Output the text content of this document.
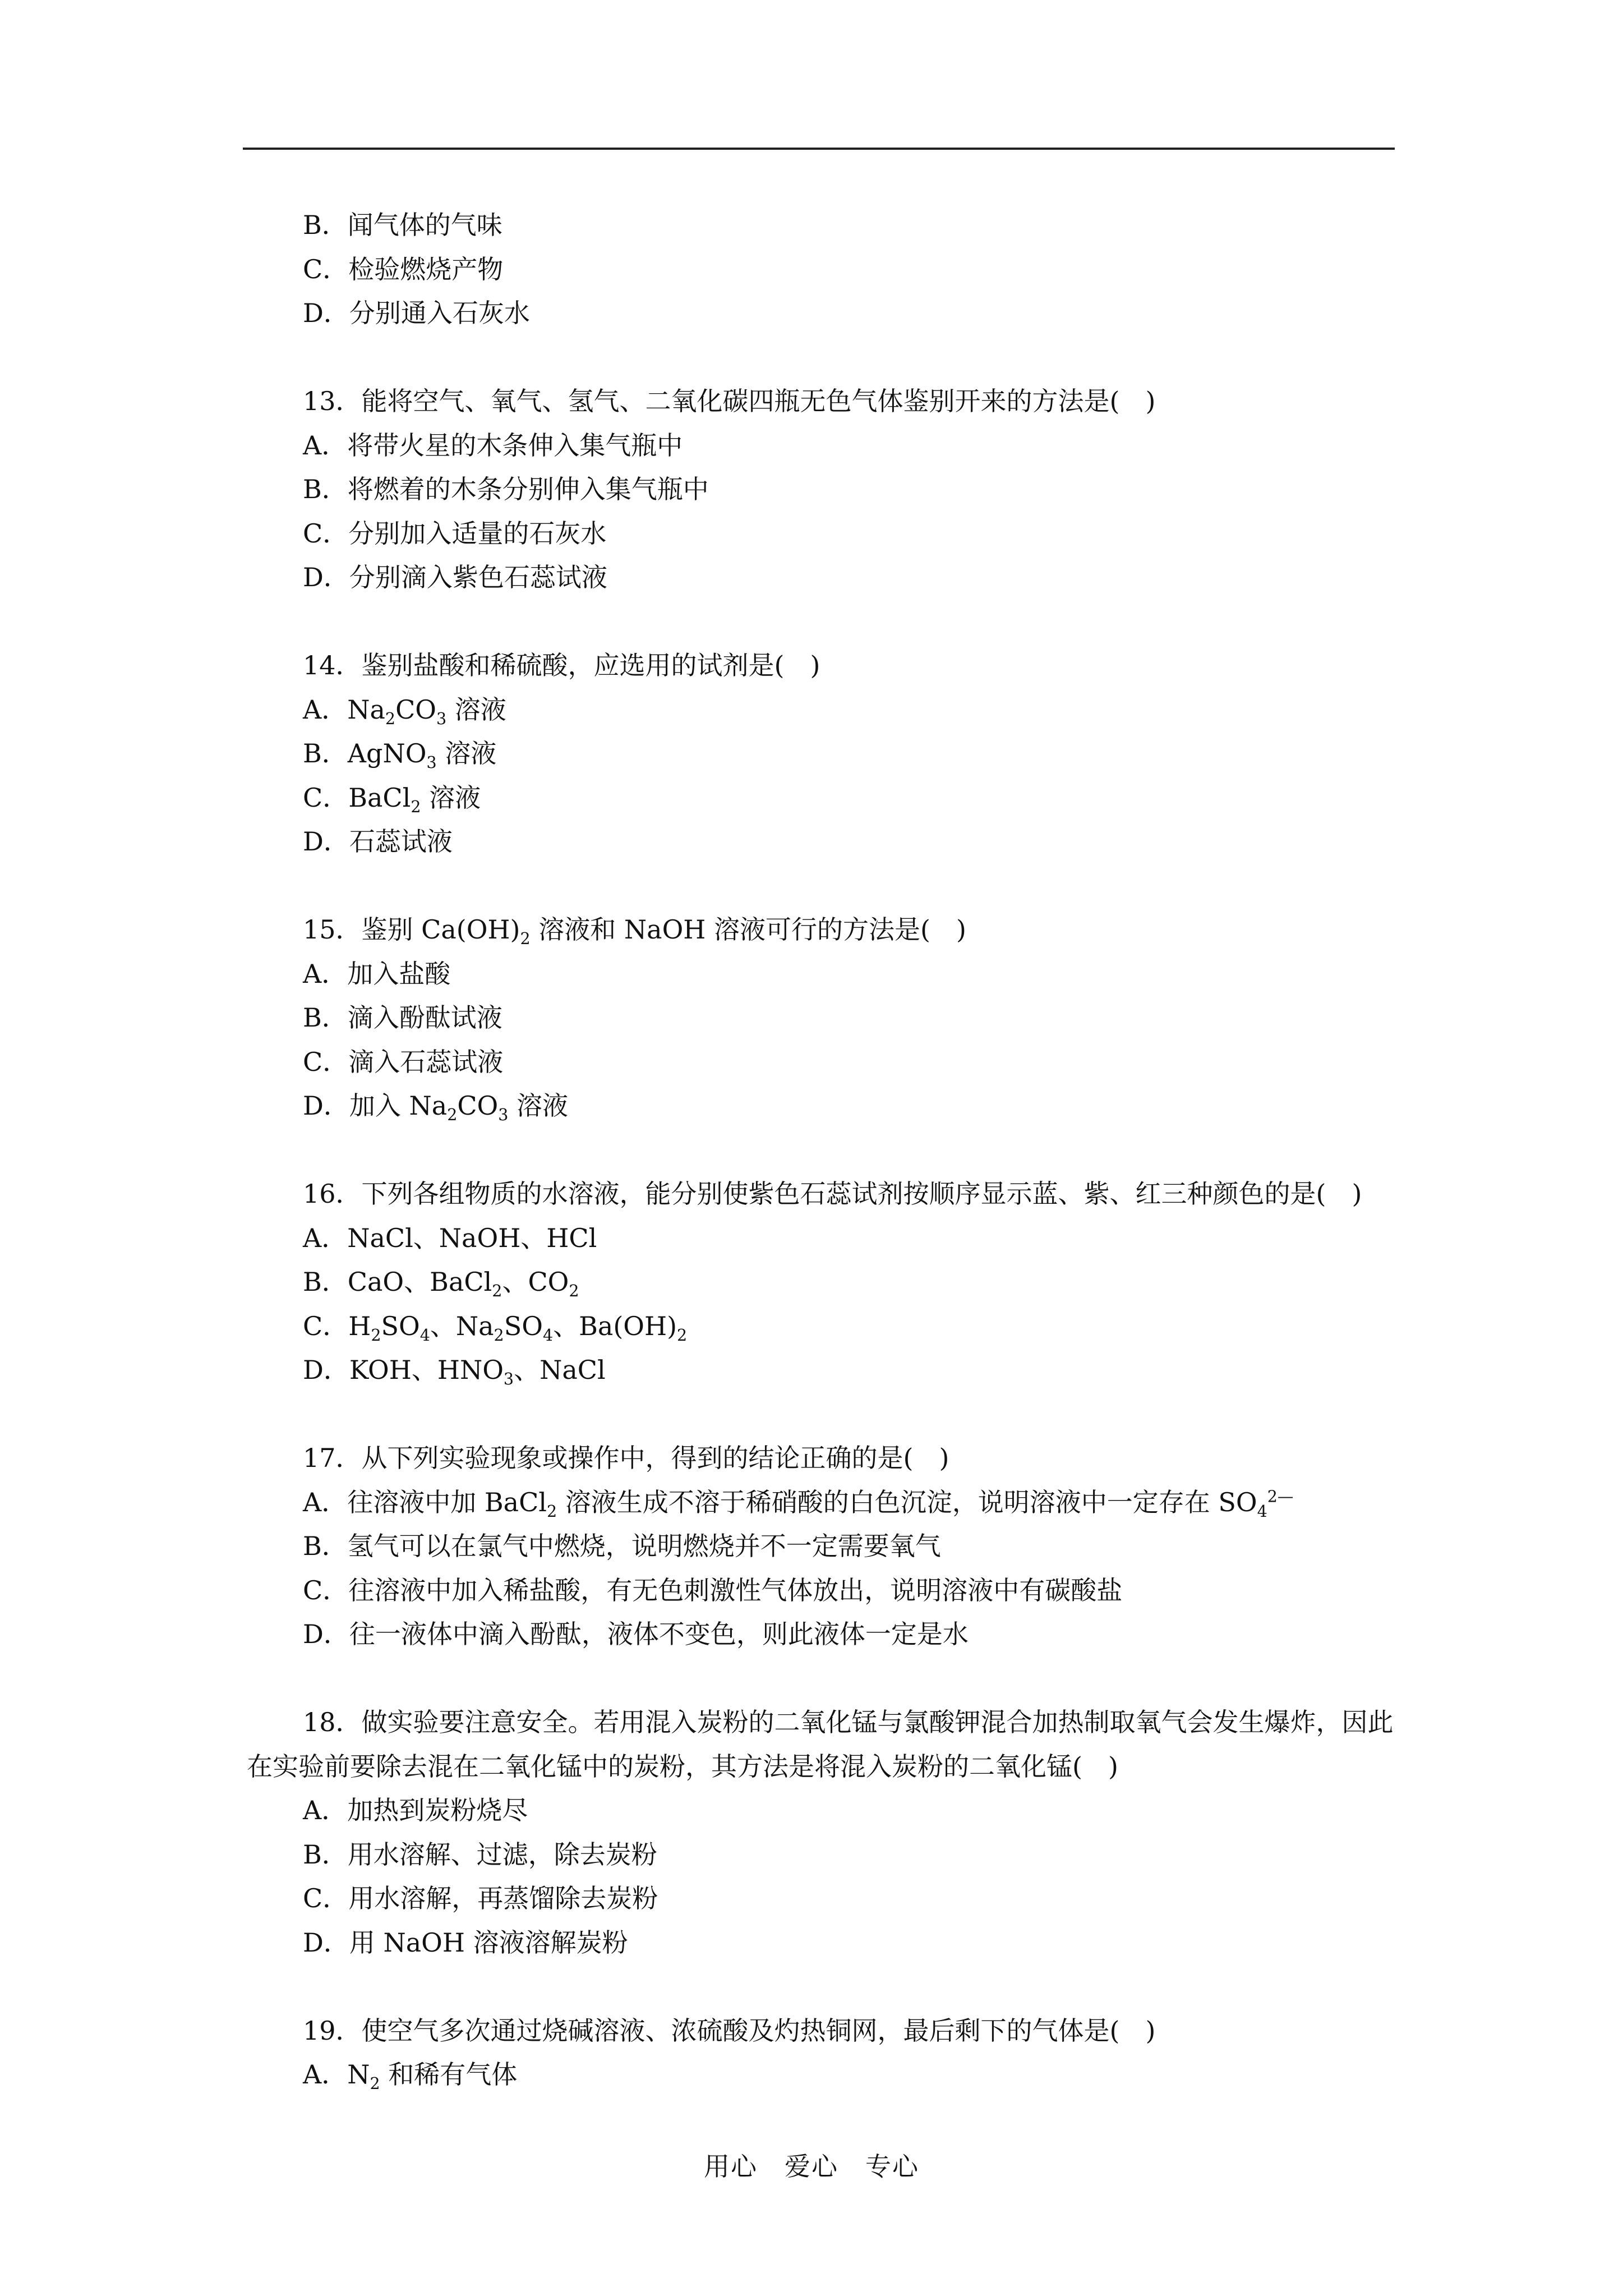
B．闻气体的气味
C．检验燃烧产物
D．分别通入石灰水
13．能将空气、氧气、氢气、二氧化碳四瓶无色气体鉴别开来的方法是(　)
A．将带火星的木条伸入集气瓶中
B．将燃着的木条分别伸入集气瓶中
C．分别加入适量的石灰水
D．分别滴入紫色石蕊试液
14．鉴别盐酸和稀硫酸，应选用的试剂是(　)
A．$Na_2CO_3$ 溶液
B．AgNO$_3$ 溶液
C．BaCl$_2$ 溶液
D．石蕊试液
15．鉴别 $Ca(OH)_2$ 溶液和 NaOH 溶液可行的方法是(　)
A．加入盐酸
B．滴入酚酞试液
C．滴入石蕊试液
D．加入 $Na_2CO_3$ 溶液
16．下列各组物质的水溶液，能分别使紫色石蕊试剂按顺序显示蓝、紫、红三种颜色的是(　)
A．NaCl、NaOH、HCl
B．CaO、BaCl$_2$、$CO_2$
C．$H_2SO_4$、$Na_2SO_4$、$Ba(OH)_2$
D．KOH、$HNO_3$、NaCl
17．从下列实验现象或操作中，得到的结论正确的是(　)
A．往溶液中加 BaCl$_2$ 溶液生成不溶于稀硝酸的白色沉淀，说明溶液中一定存在 $SO_4^{2—}$
B．氢气可以在氯气中燃烧，说明燃烧并不一定需要氧气
C．往溶液中加入稀盐酸，有无色刺激性气体放出，说明溶液中有碳酸盐
D．往一液体中滴入酚酞，液体不变色，则此液体一定是水
18．做实验要注意安全。若用混入炭粉的二氧化锰与氯酸钾混合加热制取氧气会发生爆炸，因此在实验前要除去混在二氧化锰中的炭粉，其方法是将混入炭粉的二氧化锰(　)
A．加热到炭粉烧尽
B．用水溶解、过滤，除去炭粉
C．用水溶解，再蒸馏除去炭粉
D．用 NaOH 溶液溶解炭粉
19．使空气多次通过烧碱溶液、浓硫酸及灼热铜网，最后剩下的气体是(　)
A．$N_2$ 和稀有气体
用心　爱心　专心
